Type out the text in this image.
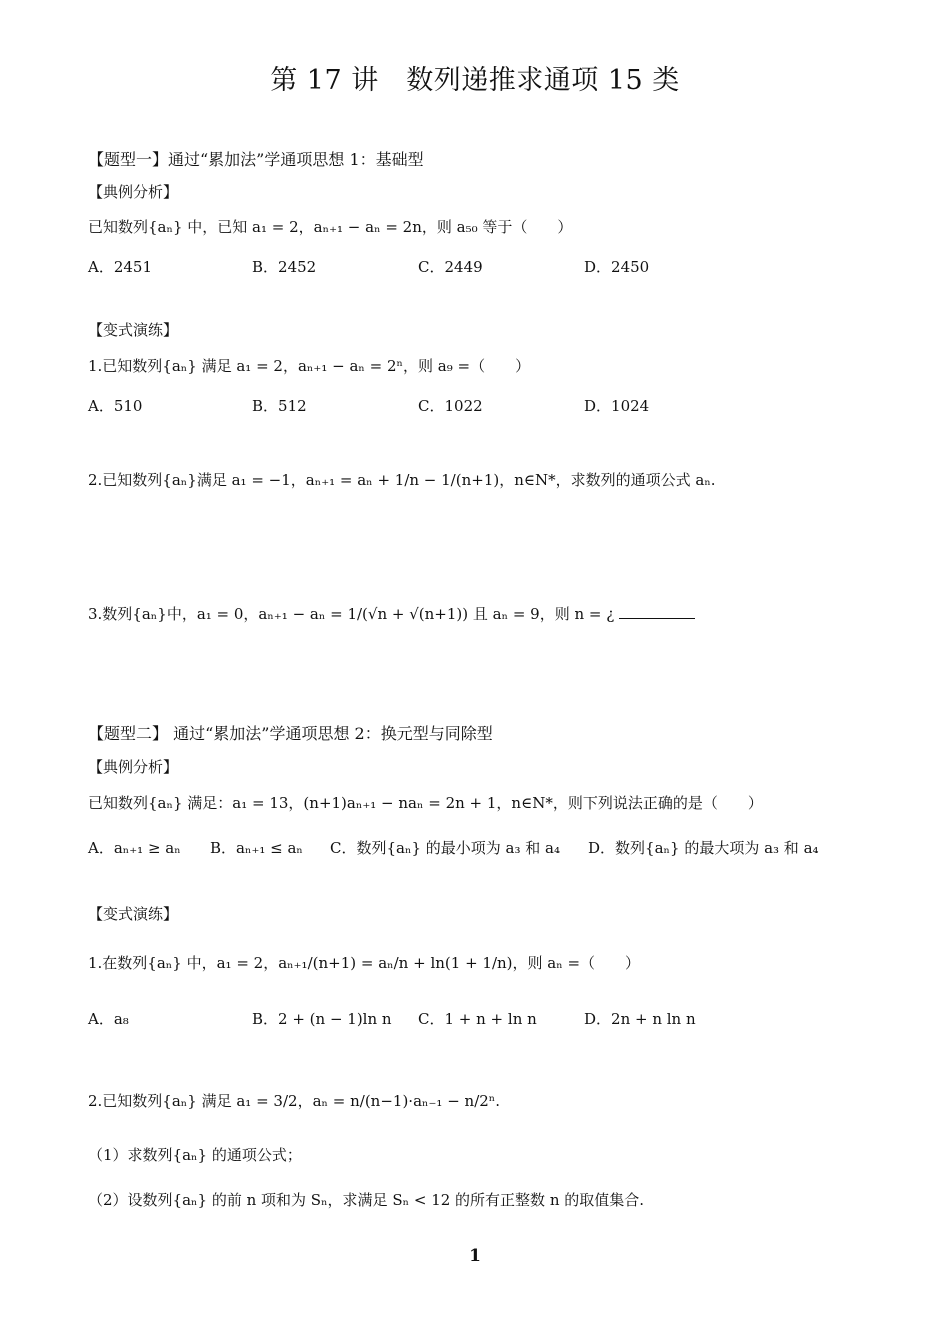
第 17 讲　数列递推求通项 15 类
【题型一】通过“累加法”学通项思想 1：基础型
【典例分析】
已知数列{aₙ} 中，已知 a₁ = 2，aₙ₊₁ − aₙ = 2n，则 a₅₀ 等于（　　）
A．2451	B．2452	C．2449	D．2450
【变式演练】
1.已知数列{aₙ} 满足 a₁ = 2，aₙ₊₁ − aₙ = 2ⁿ，则 a₉ =（　　）
A．510	B．512	C．1022	D．1024
2.已知数列{aₙ}满足 a₁ = −1，aₙ₊₁ = aₙ + 1/n − 1/(n+1)，n∈N*，求数列的通项公式 aₙ.
3.数列{aₙ}中，a₁ = 0，aₙ₊₁ − aₙ = 1/(√n + √(n+1)) 且 aₙ = 9，则 n = ¿
【题型二】 通过“累加法”学通项思想 2：换元型与同除型
【典例分析】
已知数列{aₙ} 满足：a₁ = 13，(n+1)aₙ₊₁ − naₙ = 2n + 1，n∈N*，则下列说法正确的是（　　）
A．aₙ₊₁ ≥ aₙ B．aₙ₊₁ ≤ aₙ C．数列{aₙ} 的最小项为 a₃ 和 a₄ D．数列{aₙ} 的最大项为 a₃ 和 a₄
【变式演练】
1.在数列{aₙ} 中，a₁ = 2，aₙ₊₁/(n+1) = aₙ/n + ln(1 + 1/n)，则 aₙ =（　　）
A．a₈	B．2 + (n − 1)ln n C．1 + n + ln n	D．2n + n ln n
2.已知数列{aₙ} 满足 a₁ = 3/2，aₙ = n/(n−1)·aₙ₋₁ − n/2ⁿ.
（1）求数列{aₙ} 的通项公式；
（2）设数列{aₙ} 的前 n 项和为 Sₙ，求满足 Sₙ < 12 的所有正整数 n 的取值集合.
1
